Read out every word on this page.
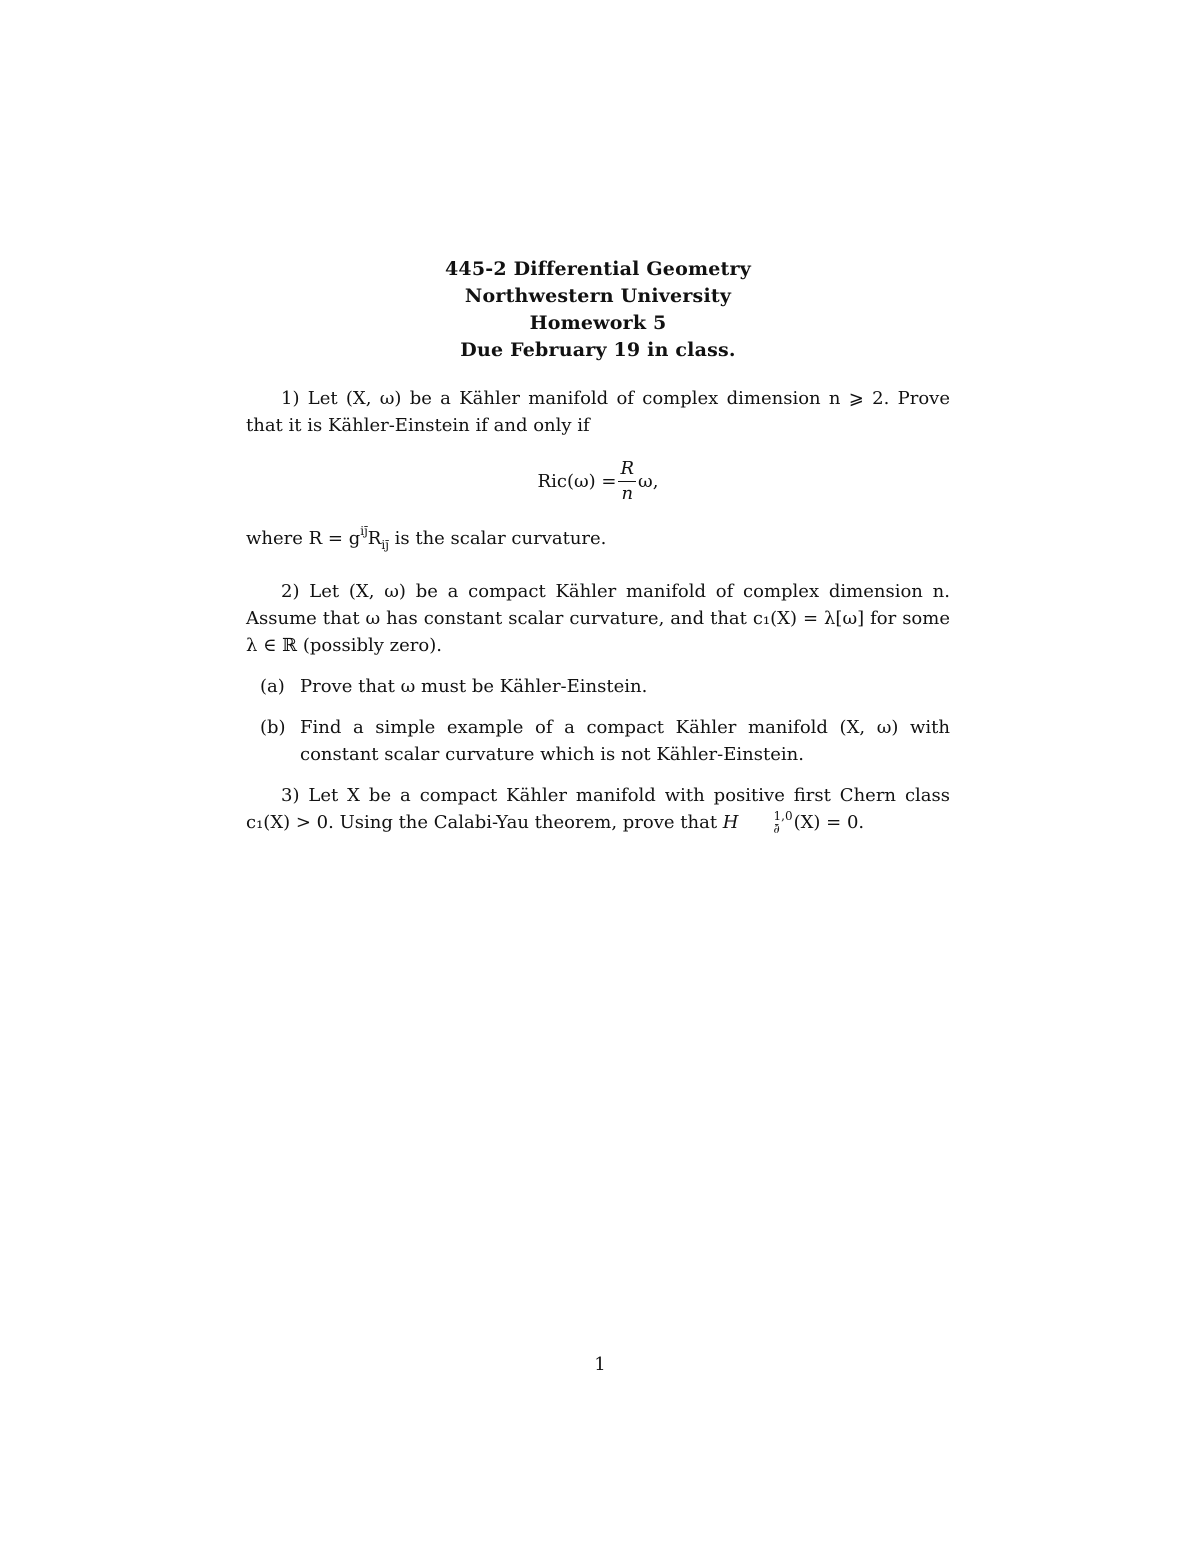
445-2 Differential Geometry
Northwestern University
Homework 5
Due February 19 in class.

1) Let (X, ω) be a Kähler manifold of complex dimension n ⩾ 2. Prove that it is Kähler-Einstein if and only if

$Ric(\omega) = \frac{R}{n} \omega$,

where $R = g^{iȷ̄}R_{iȷ̄}$ is the scalar curvature.

2) Let (X, ω) be a compact Kähler manifold of complex dimension n. Assume that ω has constant scalar curvature, and that c₁(X) = λ[ω] for some λ ∈ ℝ (possibly zero).

(a) Prove that ω must be Kähler-Einstein.
(b) Find a simple example of a compact Kähler manifold (X, ω) with constant scalar curvature which is not Kähler-Einstein.

3) Let X be a compact Kähler manifold with positive first Chern class c₁(X) > 0. Using the Calabi-Yau theorem, prove that H	1,0
∂̄ (X) = 0.

1
